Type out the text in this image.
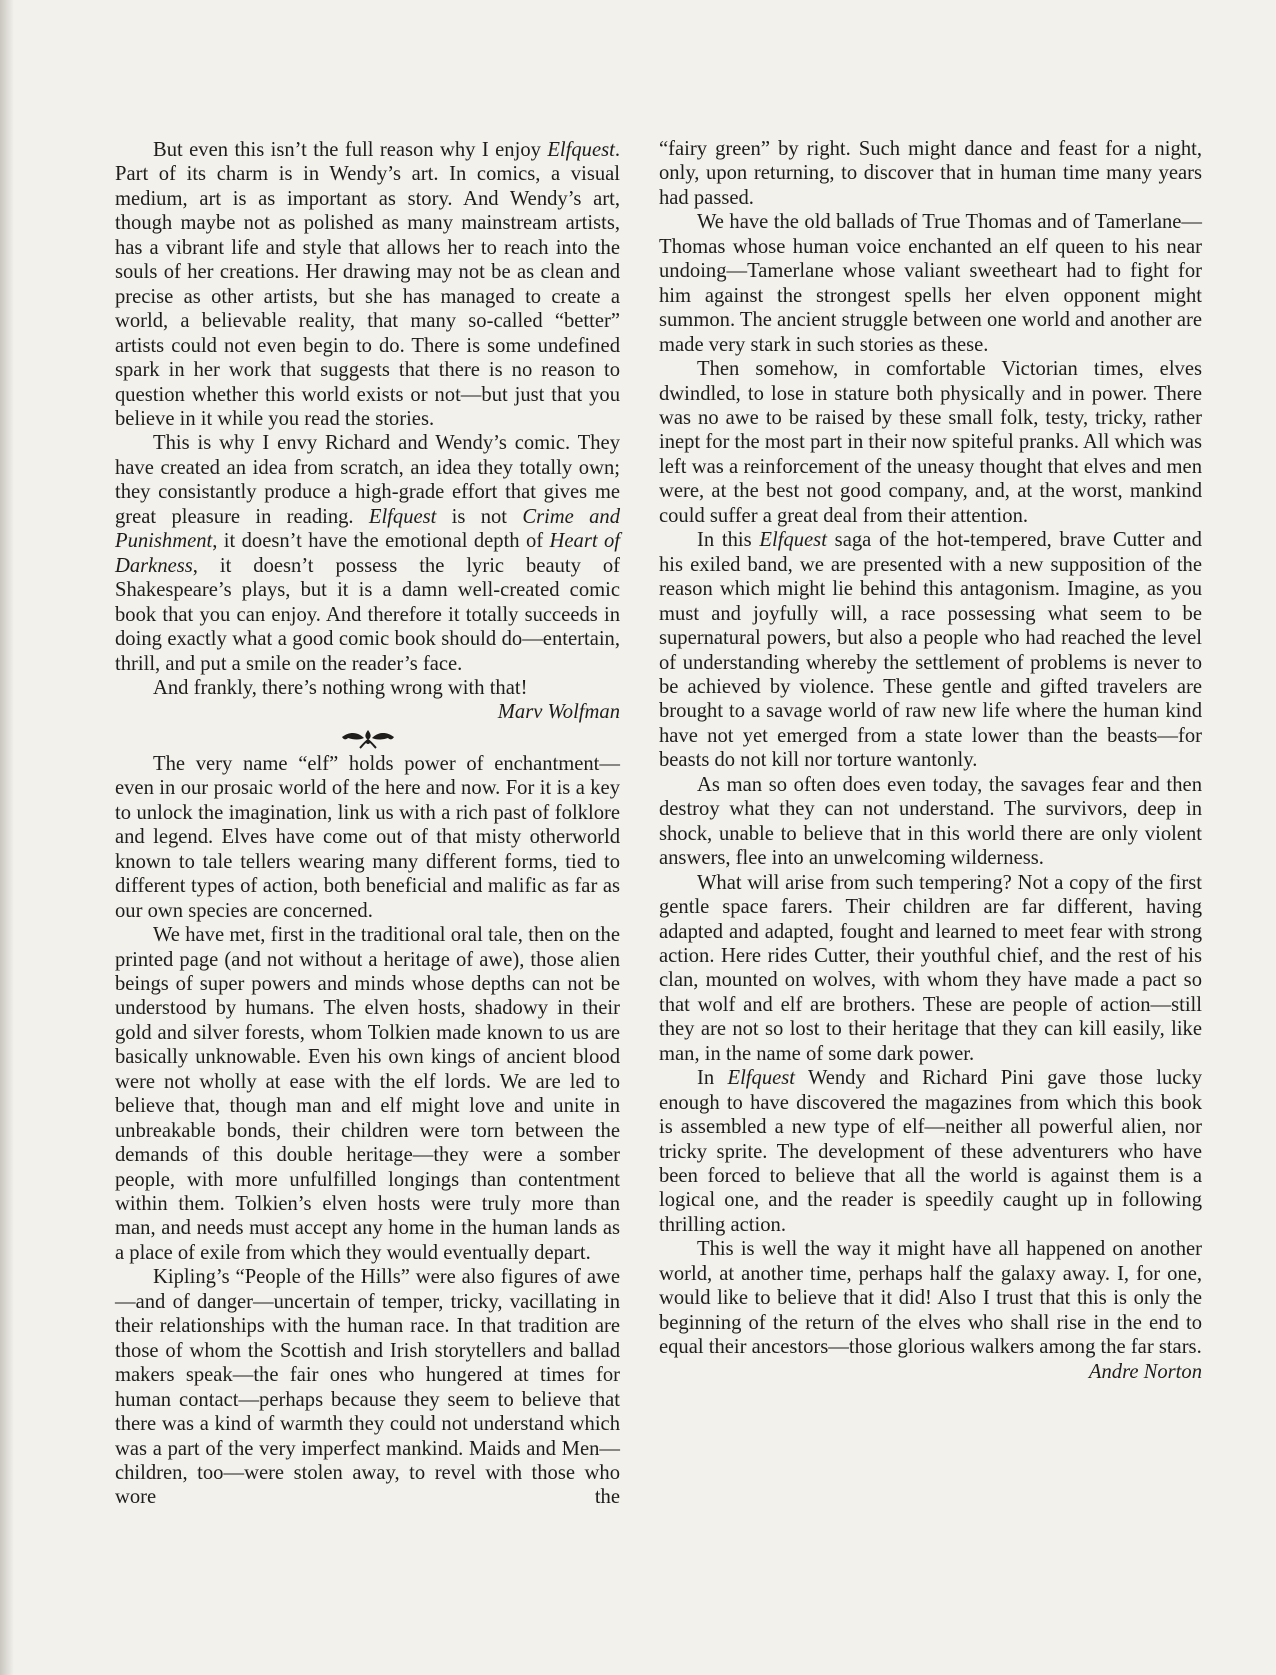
But even this isn’t the full reason why I enjoy Elfquest. Part of its charm is in Wendy’s art. In comics, a visual medium, art is as important as story. And Wendy’s art, though maybe not as polished as many mainstream artists, has a vibrant life and style that allows her to reach into the souls of her creations. Her drawing may not be as clean and precise as other artists, but she has managed to create a world, a believable reality, that many so-called “better” artists could not even begin to do. There is some undefined spark in her work that suggests that there is no reason to question whether this world exists or not—but just that you believe in it while you read the stories.

This is why I envy Richard and Wendy’s comic. They have created an idea from scratch, an idea they totally own; they consistantly produce a high-grade effort that gives me great pleasure in reading. Elfquest is not Crime and Punishment, it doesn’t have the emotional depth of Heart of Darkness, it doesn’t possess the lyric beauty of Shakespeare’s plays, but it is a damn well-created comic book that you can enjoy. And therefore it totally succeeds in doing exactly what a good comic book should do—entertain, thrill, and put a smile on the reader’s face.

And frankly, there’s nothing wrong with that!

Marv Wolfman

The very name “elf” holds power of enchantment—even in our prosaic world of the here and now. For it is a key to unlock the imagination, link us with a rich past of folklore and legend. Elves have come out of that misty otherworld known to tale tellers wearing many different forms, tied to different types of action, both beneficial and malific as far as our own species are concerned.

We have met, first in the traditional oral tale, then on the printed page (and not without a heritage of awe), those alien beings of super powers and minds whose depths can not be understood by humans. The elven hosts, shadowy in their gold and silver forests, whom Tolkien made known to us are basically unknowable. Even his own kings of ancient blood were not wholly at ease with the elf lords. We are led to believe that, though man and elf might love and unite in unbreakable bonds, their children were torn between the demands of this double heritage—they were a somber people, with more unfulfilled longings than contentment within them. Tolkien’s elven hosts were truly more than man, and needs must accept any home in the human lands as a place of exile from which they would eventually depart.

Kipling’s “People of the Hills” were also figures of awe—and of danger—uncertain of temper, tricky, vacillating in their relationships with the human race. In that tradition are those of whom the Scottish and Irish storytellers and ballad makers speak—the fair ones who hungered at times for human contact—perhaps because they seem to believe that there was a kind of warmth they could not understand which was a part of the very imperfect mankind. Maids and Men—children, too—were stolen away, to revel with those who wore the

“fairy green” by right. Such might dance and feast for a night, only, upon returning, to discover that in human time many years had passed.

We have the old ballads of True Thomas and of Tamerlane—Thomas whose human voice enchanted an elf queen to his near undoing—Tamerlane whose valiant sweetheart had to fight for him against the strongest spells her elven opponent might summon. The ancient struggle between one world and another are made very stark in such stories as these.

Then somehow, in comfortable Victorian times, elves dwindled, to lose in stature both physically and in power. There was no awe to be raised by these small folk, testy, tricky, rather inept for the most part in their now spiteful pranks. All which was left was a reinforcement of the uneasy thought that elves and men were, at the best not good company, and, at the worst, mankind could suffer a great deal from their attention.

In this Elfquest saga of the hot-tempered, brave Cutter and his exiled band, we are presented with a new supposition of the reason which might lie behind this antagonism. Imagine, as you must and joyfully will, a race possessing what seem to be supernatural powers, but also a people who had reached the level of understanding whereby the settlement of problems is never to be achieved by violence. These gentle and gifted travelers are brought to a savage world of raw new life where the human kind have not yet emerged from a state lower than the beasts—for beasts do not kill nor torture wantonly.

As man so often does even today, the savages fear and then destroy what they can not understand. The survivors, deep in shock, unable to believe that in this world there are only violent answers, flee into an unwelcoming wilderness.

What will arise from such tempering? Not a copy of the first gentle space farers. Their children are far different, having adapted and adapted, fought and learned to meet fear with strong action. Here rides Cutter, their youthful chief, and the rest of his clan, mounted on wolves, with whom they have made a pact so that wolf and elf are brothers. These are people of action—still they are not so lost to their heritage that they can kill easily, like man, in the name of some dark power.

In Elfquest Wendy and Richard Pini gave those lucky enough to have discovered the magazines from which this book is assembled a new type of elf—neither all powerful alien, nor tricky sprite. The development of these adventurers who have been forced to believe that all the world is against them is a logical one, and the reader is speedily caught up in following thrilling action.

This is well the way it might have all happened on another world, at another time, perhaps half the galaxy away. I, for one, would like to believe that it did! Also I trust that this is only the beginning of the return of the elves who shall rise in the end to equal their ancestors—those glorious walkers among the far stars.

Andre Norton
